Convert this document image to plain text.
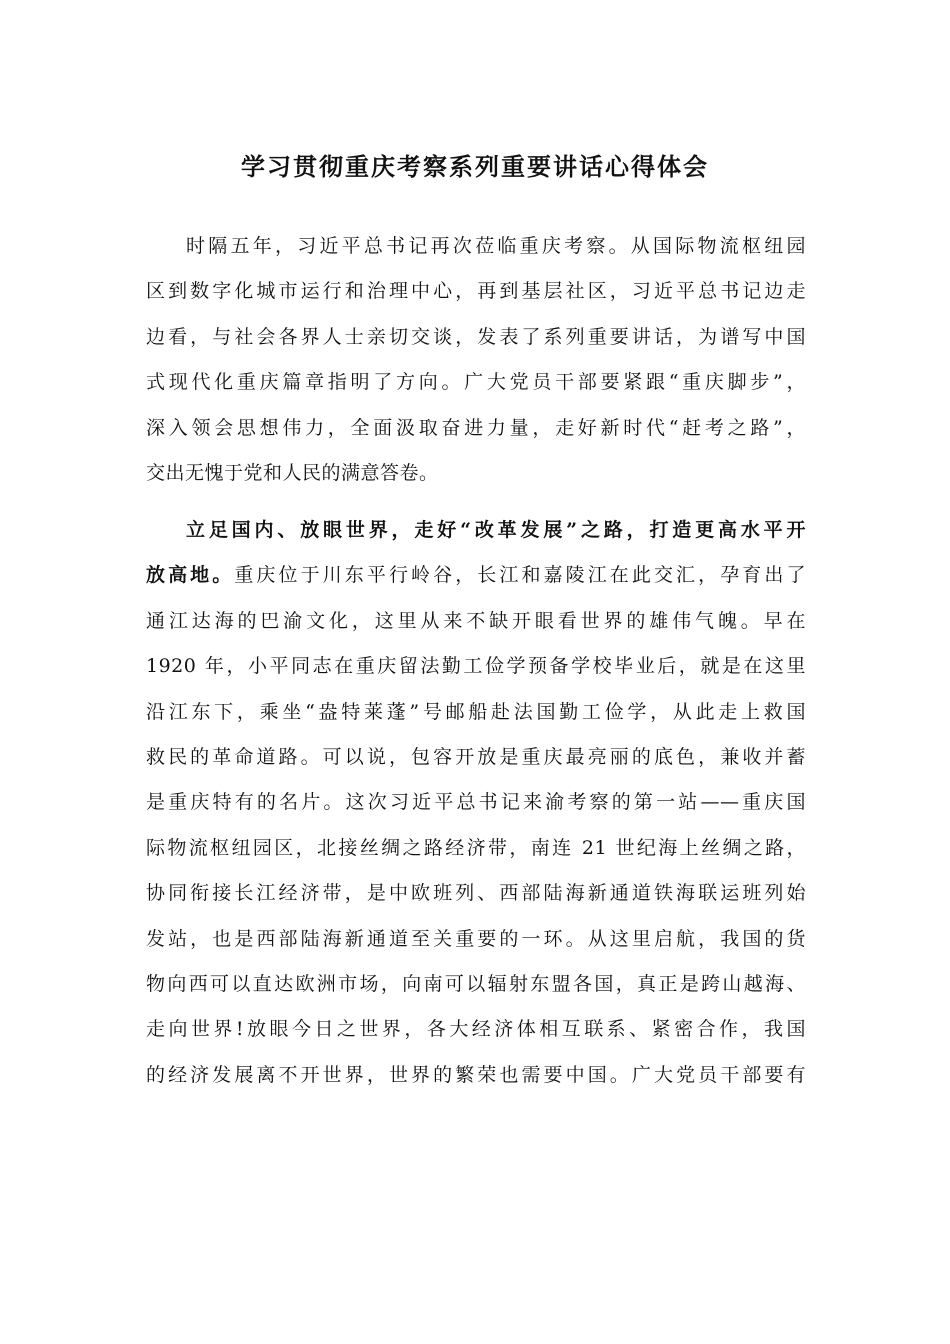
学习贯彻重庆考察系列重要讲话心得体会
时隔五年，习近平总书记再次莅临重庆考察。从国际物流枢纽园
区到数字化城市运行和治理中心，再到基层社区，习近平总书记边走
边看，与社会各界人士亲切交谈，发表了系列重要讲话，为谱写中国
式现代化重庆篇章指明了方向。广大党员干部要紧跟“重庆脚步”，
深入领会思想伟力，全面汲取奋进力量，走好新时代“赶考之路”，
交出无愧于党和人民的满意答卷。
立足国内、放眼世界，走好“改革发展”之路，打造更高水平开
放高地。重庆位于川东平行岭谷，长江和嘉陵江在此交汇，孕育出了
通江达海的巴渝文化，这里从来不缺开眼看世界的雄伟气魄。早在
1920 年，小平同志在重庆留法勤工俭学预备学校毕业后，就是在这里
沿江东下，乘坐“盎特莱蓬”号邮船赴法国勤工俭学，从此走上救国
救民的革命道路。可以说，包容开放是重庆最亮丽的底色，兼收并蓄
是重庆特有的名片。这次习近平总书记来渝考察的第一站——重庆国
际物流枢纽园区，北接丝绸之路经济带，南连 21 世纪海上丝绸之路，
协同衔接长江经济带，是中欧班列、西部陆海新通道铁海联运班列始
发站，也是西部陆海新通道至关重要的一环。从这里启航，我国的货
物向西可以直达欧洲市场，向南可以辐射东盟各国，真正是跨山越海、
走向世界!放眼今日之世界，各大经济体相互联系、紧密合作，我国
的经济发展离不开世界，世界的繁荣也需要中国。广大党员干部要有
